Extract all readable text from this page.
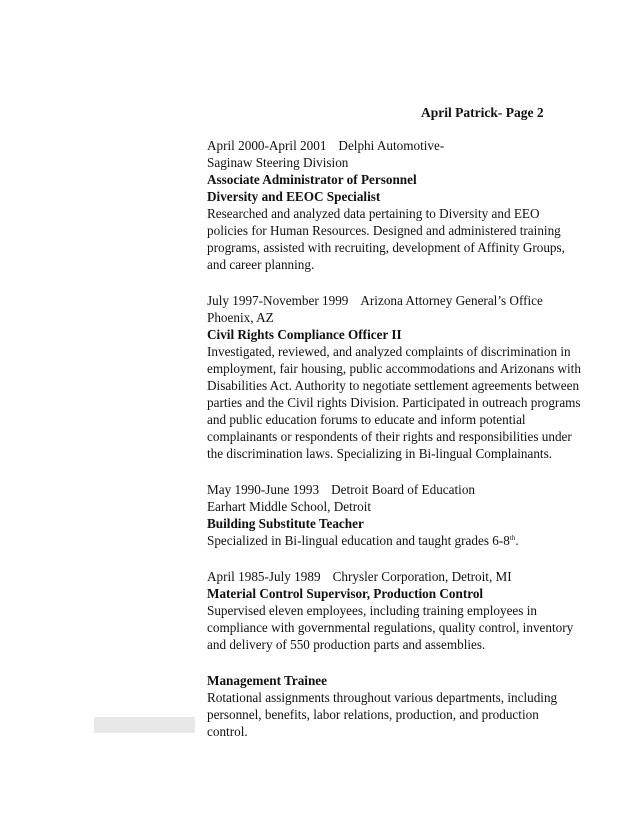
April Patrick- Page 2
April 2000-April 2001 Delphi Automotive-
Saginaw Steering Division
Associate Administrator of Personnel
Diversity and EEOC Specialist
Researched and analyzed data pertaining to Diversity and EEO
policies for Human Resources. Designed and administered training
programs, assisted with recruiting, development of Affinity Groups,
and career planning.
July 1997-November 1999 Arizona Attorney General’s Office
Phoenix, AZ
Civil Rights Compliance Officer II
Investigated, reviewed, and analyzed complaints of discrimination in
employment, fair housing, public accommodations and Arizonans with
Disabilities Act. Authority to negotiate settlement agreements between
parties and the Civil rights Division. Participated in outreach programs
and public education forums to educate and inform potential
complainants or respondents of their rights and responsibilities under
the discrimination laws. Specializing in Bi-lingual Complainants.
May 1990-June 1993 Detroit Board of Education
Earhart Middle School, Detroit
Building Substitute Teacher
Specialized in Bi-lingual education and taught grades 6-8th.
April 1985-July 1989 Chrysler Corporation, Detroit, MI
Material Control Supervisor, Production Control
Supervised eleven employees, including training employees in
compliance with governmental regulations, quality control, inventory
and delivery of 550 production parts and assemblies.
Management Trainee
Rotational assignments throughout various departments, including
personnel, benefits, labor relations, production, and production
control.
